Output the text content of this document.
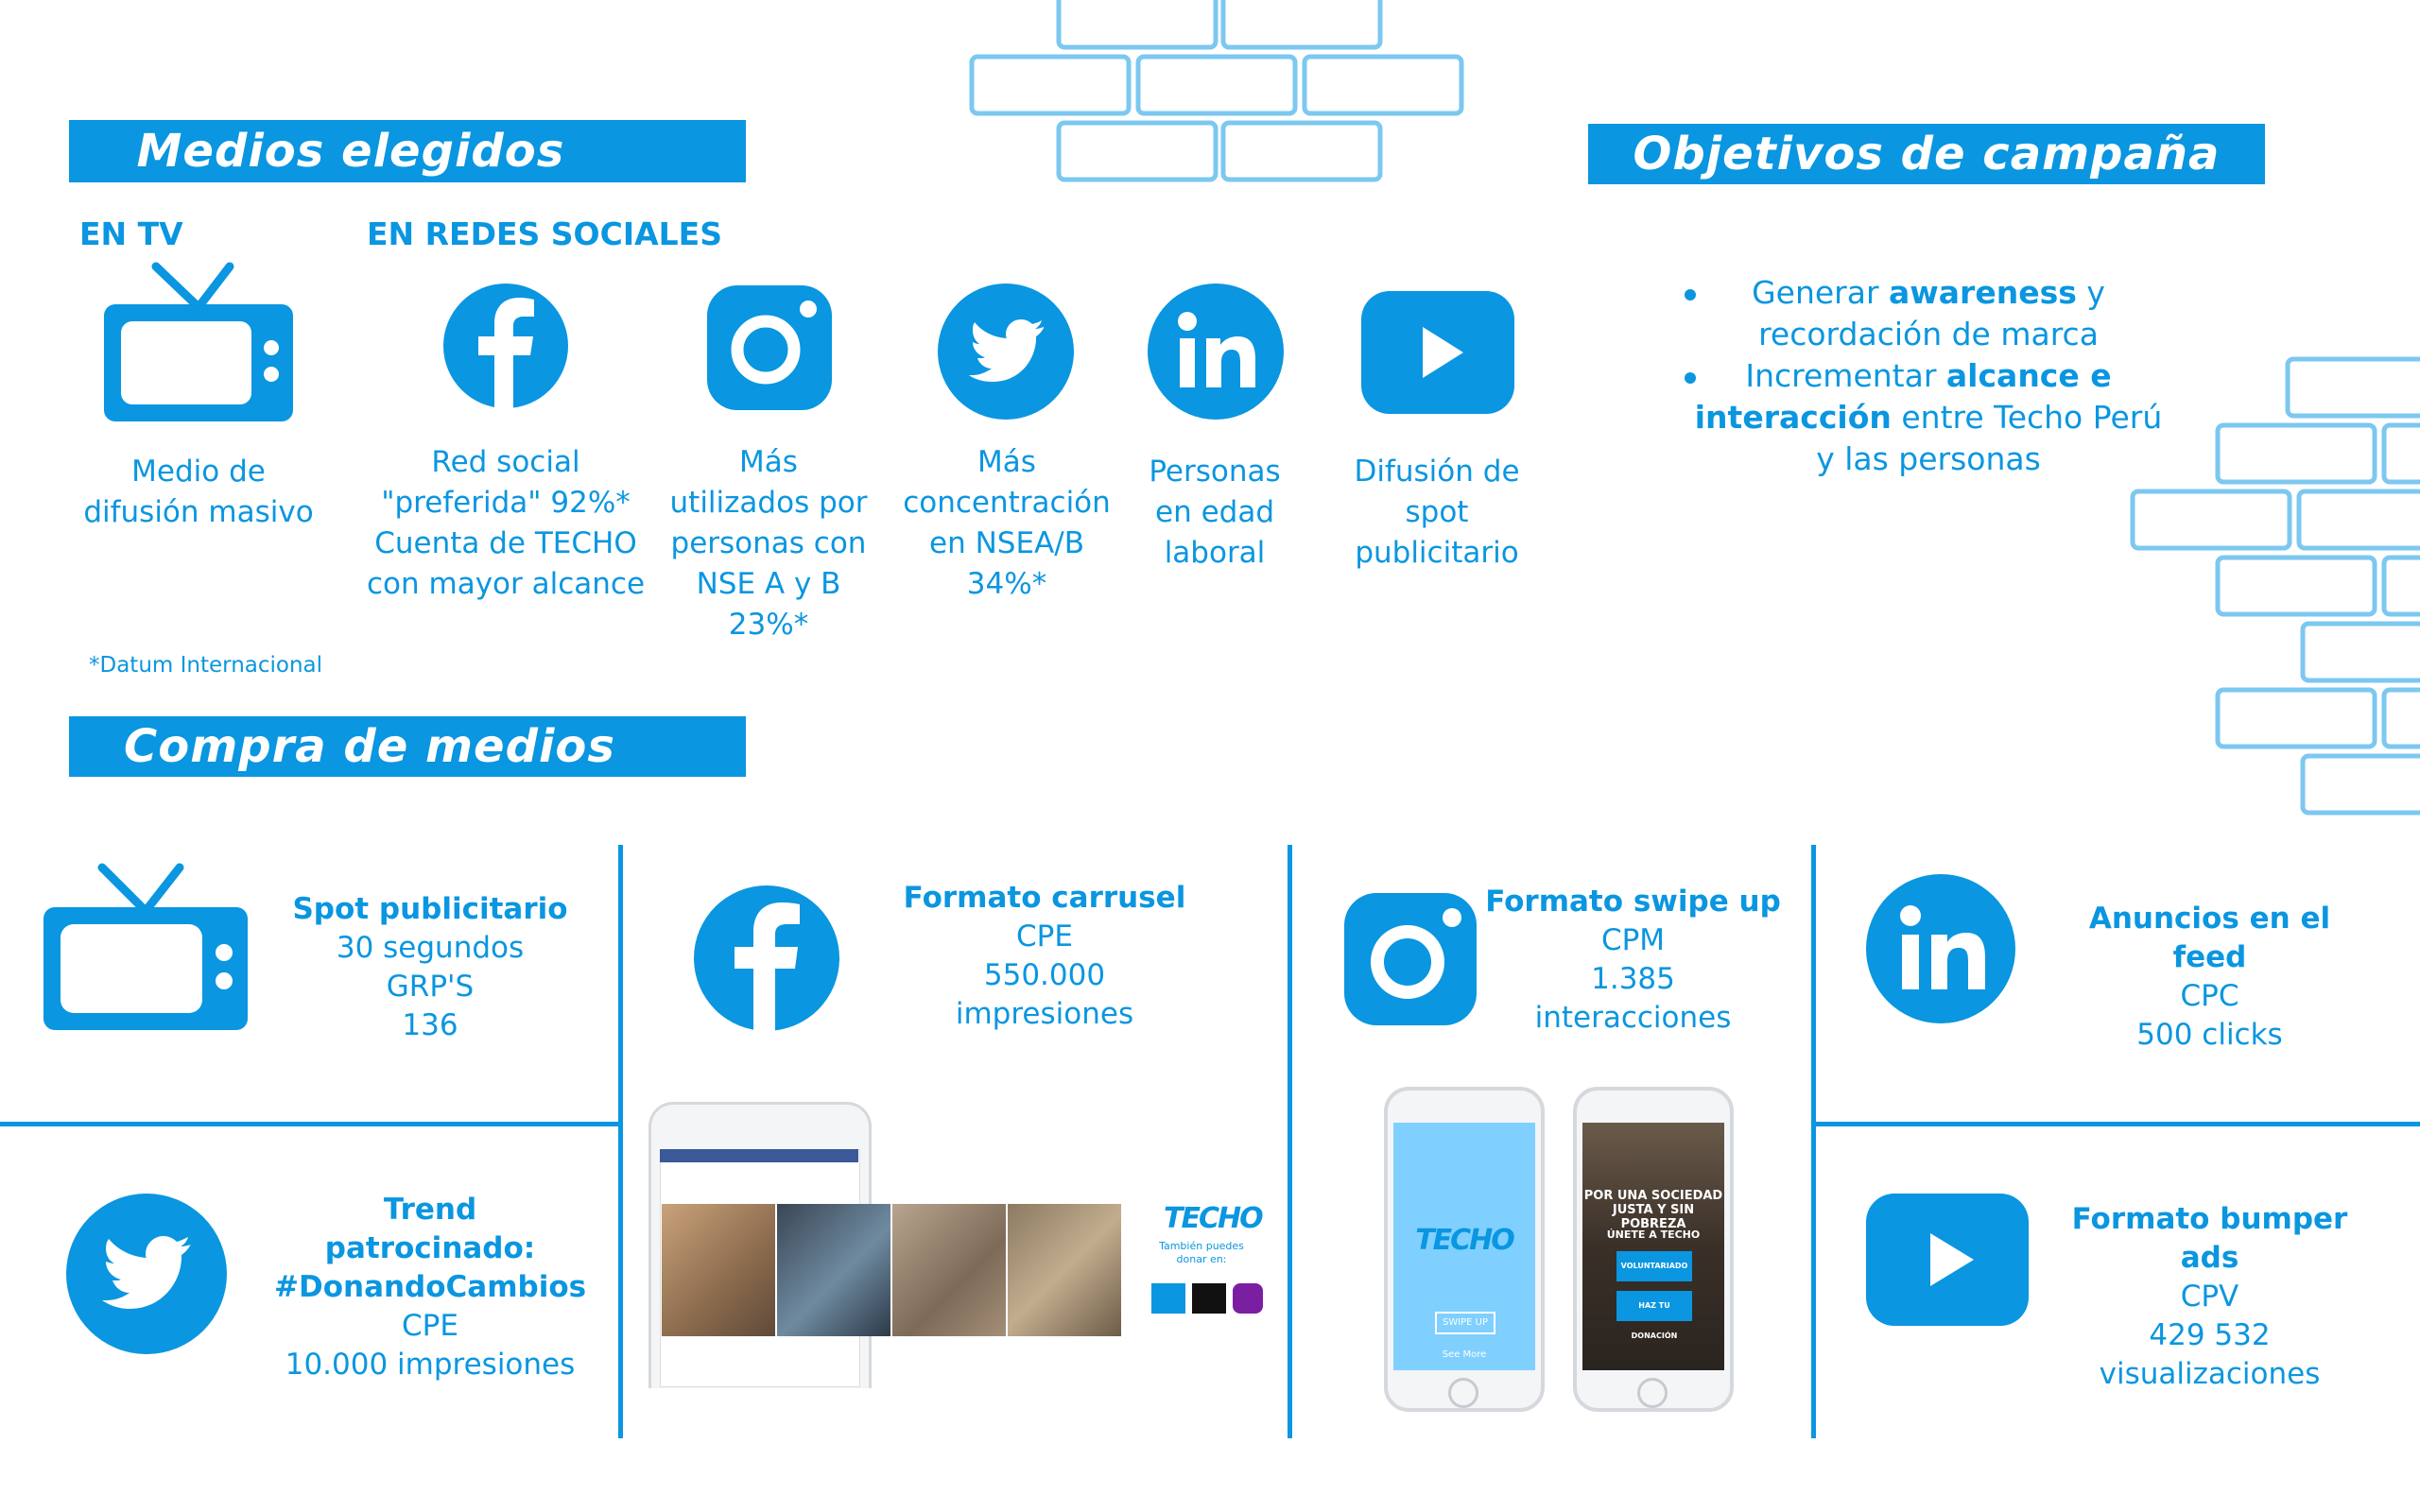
Medios elegidos
EN TV	EN REDES SOCIALES
Medio de
difusión masivo
Red social
"preferida" 92%*
Cuenta de TECHO
con mayor alcance
Más
utilizados por
personas con
NSE A y B
23%*
Más
concentración
en NSEA/B
34%*
Personas
en edad
laboral
Difusión de
spot
publicitario
*Datum Internacional
Objetivos de campaña
Generar awareness y recordación de marca
Incrementar alcance e interacción entre Techo Perú y las personas
Compra de medios
Spot publicitario
30 segundos
GRP'S
136
Trend patrocinado:
#DonandoCambios
CPE
10.000 impresiones
Formato carrusel
CPE
550.000
impresiones
TECHO
También puedes
donar en:
Formato swipe up
CPM
1.385
interacciones
TECHO
SWIPE UP
See More
POR UNA SOCIEDAD JUSTA Y SIN POBREZA
ÚNETE A TECHO
VOLUNTARIADO
HAZ TU DONACIÓN
Anuncios en el feed
CPC
500 clicks
Formato bumper ads
CPV
429 532
visualizaciones
